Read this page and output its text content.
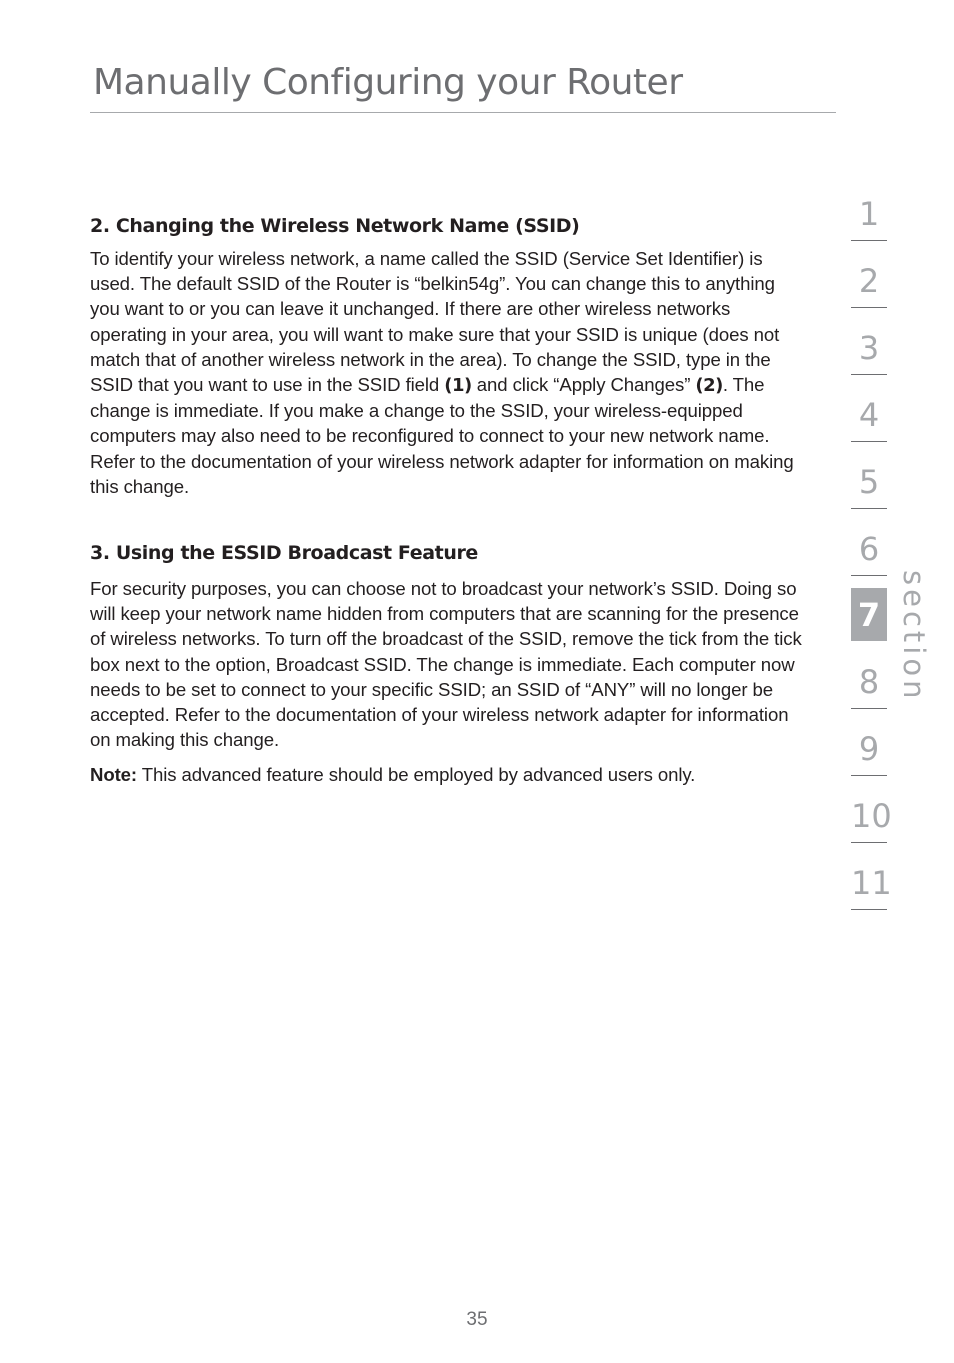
Manually Configuring your Router
2. Changing the Wireless Network Name (SSID)

To identify your wireless network, a name called the SSID (Service Set Identifier) is used. The default SSID of the Router is “belkin54g”. You can change this to anything you want to or you can leave it unchanged. If there are other wireless networks operating in your area, you will want to make sure that your SSID is unique (does not match that of another wireless network in the area). To change the SSID, type in the SSID that you want to use in the SSID field (1) and click “Apply Changes” (2). The change is immediate. If you make a change to the SSID, your wireless-equipped computers may also need to be reconfigured to connect to your new network name. Refer to the documentation of your wireless network adapter for information on making this change.

3. Using the ESSID Broadcast Feature

For security purposes, you can choose not to broadcast your network’s SSID. Doing so will keep your network name hidden from computers that are scanning for the presence of wireless networks. To turn off the broadcast of the SSID, remove the tick from the tick box next to the option, Broadcast SSID. The change is immediate. Each computer now needs to be set to connect to your specific SSID; an SSID of “ANY” will no longer be accepted. Refer to the documentation of your wireless network adapter for information on making this change.

Note: This advanced feature should be employed by advanced users only.

1
2
3
4
5
6
7
8
9
10
11
section
35
